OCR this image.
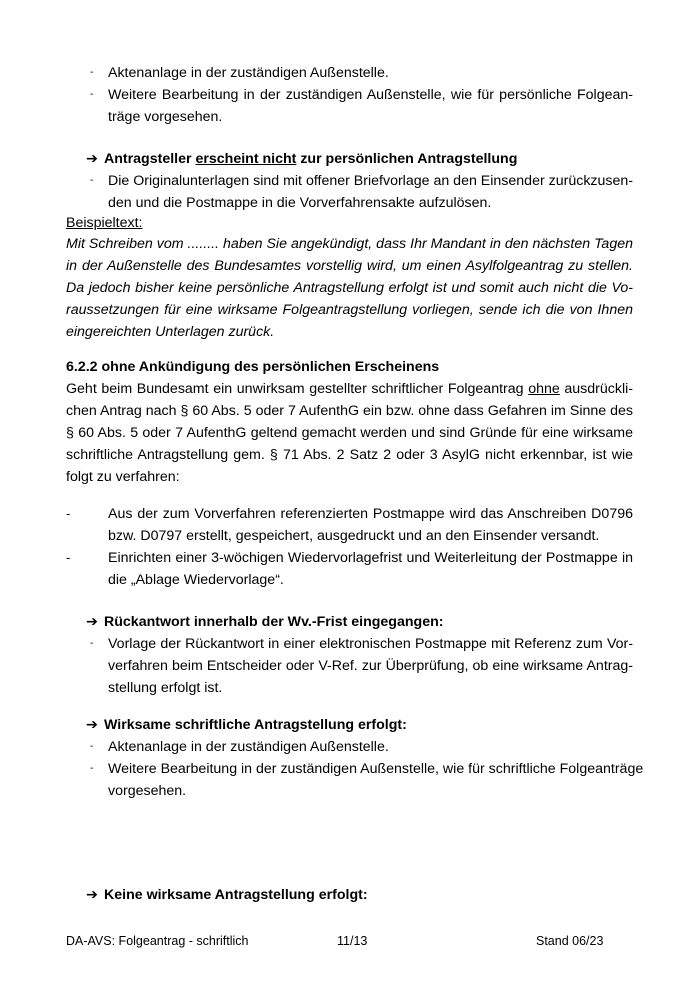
- Aktenanlage in der zuständigen Außenstelle.
- Weitere Bearbeitung in der zuständigen Außenstelle, wie für persönliche Folgean-
träge vorgesehen.
➔ Antragsteller erscheint nicht zur persönlichen Antragstellung
- Die Originalunterlagen sind mit offener Briefvorlage an den Einsender zurückzusen-
den und die Postmappe in die Vorverfahrensakte aufzulösen.
Beispieltext:
Mit Schreiben vom ........ haben Sie angekündigt, dass Ihr Mandant in den nächsten Tagen
in der Außenstelle des Bundesamtes vorstellig wird, um einen Asylfolgeantrag zu stellen.
Da jedoch bisher keine persönliche Antragstellung erfolgt ist und somit auch nicht die Vo-
raussetzungen für eine wirksame Folgeantragstellung vorliegen, sende ich die von Ihnen
eingereichten Unterlagen zurück.
6.2.2 ohne Ankündigung des persönlichen Erscheinens
Geht beim Bundesamt ein unwirksam gestellter schriftlicher Folgeantrag ohne ausdrückli-
chen Antrag nach § 60 Abs. 5 oder 7 AufenthG ein bzw. ohne dass Gefahren im Sinne des
§ 60 Abs. 5 oder 7 AufenthG geltend gemacht werden und sind Gründe für eine wirksame
schriftliche Antragstellung gem. § 71 Abs. 2 Satz 2 oder 3 AsylG nicht erkennbar, ist wie
folgt zu verfahren:
-	Aus der zum Vorverfahren referenzierten Postmappe wird das Anschreiben D0796
bzw. D0797 erstellt, gespeichert, ausgedruckt und an den Einsender versandt.
-	Einrichten einer 3-wöchigen Wiedervorlagefrist und Weiterleitung der Postmappe in
die „Ablage Wiedervorlage“.
➔ Rückantwort innerhalb der Wv.-Frist eingegangen:
- Vorlage der Rückantwort in einer elektronischen Postmappe mit Referenz zum Vor-
verfahren beim Entscheider oder V-Ref. zur Überprüfung, ob eine wirksame Antrag-
stellung erfolgt ist.
➔ Wirksame schriftliche Antragstellung erfolgt:
- Aktenanlage in der zuständigen Außenstelle.
- Weitere Bearbeitung in der zuständigen Außenstelle, wie für schriftliche Folgeanträge
vorgesehen.
➔ Keine wirksame Antragstellung erfolgt:
DA-AVS: Folgeantrag - schriftlich	11/13	Stand 06/23
